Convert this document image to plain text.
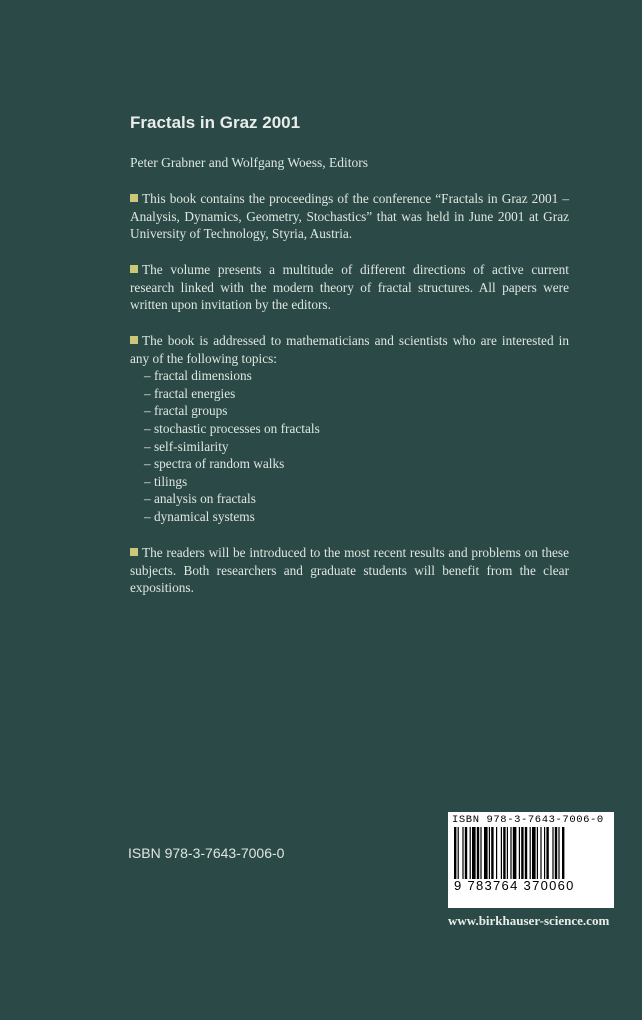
Fractals in Graz 2001

Peter Grabner and Wolfgang Woess, Editors

This book contains the proceedings of the conference “Fractals in Graz 2001 – Analysis, Dynamics, Geometry, Stochastics” that was held in June 2001 at Graz University of Technology, Styria, Austria.

The volume presents a multitude of different directions of active current research linked with the modern theory of fractal structures. All papers were written upon invitation by the editors.

The book is addressed to mathematicians and scientists who are interested in any of the following topics:
– fractal dimensions
– fractal energies
– fractal groups
– stochastic processes on fractals
– self-similarity
– spectra of random walks
– tilings
– analysis on fractals
– dynamical systems

The readers will be introduced to the most recent results and problems on these subjects. Both researchers and graduate students will benefit from the clear expositions.

ISBN 978-3-7643-7006-0

ISBN 978-3-7643-7006-0
9 783764 370060

www.birkhauser-science.com
